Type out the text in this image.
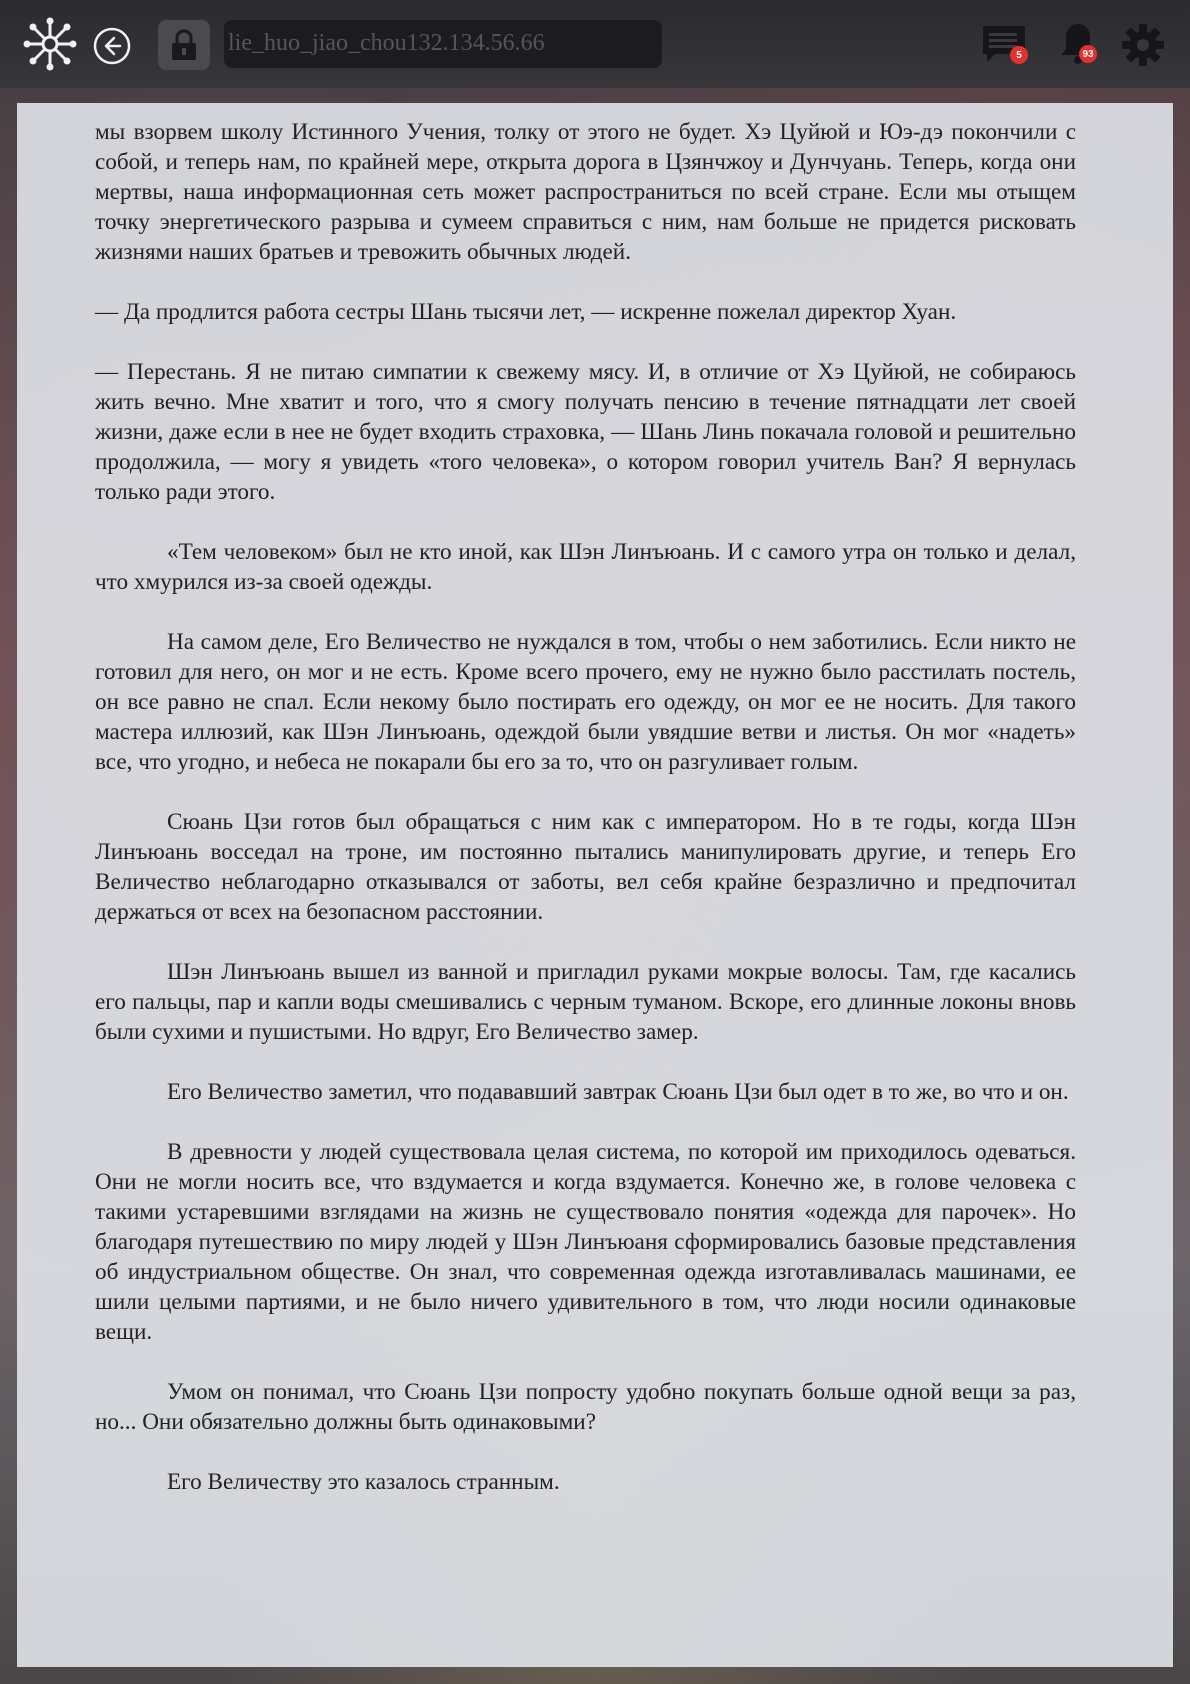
lie_huo_jiao_chou132.134.56.66	5	93

мы взорвем школу Истинного Учения, толку от этого не будет. Хэ Цуйюй и Юэ-дэ покончили с собой, и теперь нам, по крайней мере, открыта дорога в Цзянчжоу и Дунчуань. Теперь, когда они мертвы, наша информационная сеть может распространиться по всей стране. Если мы отыщем точку энергетического разрыва и сумеем справиться с ним, нам больше не придется рисковать жизнями наших братьев и тревожить обычных людей.

— Да продлится работа сестры Шань тысячи лет, — искренне пожелал директор Хуан.

— Перестань. Я не питаю симпатии к свежему мясу. И, в отличие от Хэ Цуйюй, не собираюсь жить вечно. Мне хватит и того, что я смогу получать пенсию в течение пятнадцати лет своей жизни, даже если в нее не будет входить страховка, — Шань Линь покачала головой и решительно продолжила, — могу я увидеть «того человека», о котором говорил учитель Ван? Я вернулась только ради этого.

«Тем человеком» был не кто иной, как Шэн Линъюань. И с самого утра он только и делал, что хмурился из-за своей одежды.

На самом деле, Его Величество не нуждался в том, чтобы о нем заботились. Если никто не готовил для него, он мог и не есть. Кроме всего прочего, ему не нужно было расстилать постель, он все равно не спал. Если некому было постирать его одежду, он мог ее не носить. Для такого мастера иллюзий, как Шэн Линъюань, одеждой были увядшие ветви и листья. Он мог «надеть» все, что угодно, и небеса не покарали бы его за то, что он разгуливает голым.

Сюань Цзи готов был обращаться с ним как с императором. Но в те годы, когда Шэн Линъюань восседал на троне, им постоянно пытались манипулировать другие, и теперь Его Величество неблагодарно отказывался от заботы, вел себя крайне безразлично и предпочитал держаться от всех на безопасном расстоянии.

Шэн Линъюань вышел из ванной и пригладил руками мокрые волосы. Там, где касались его пальцы, пар и капли воды смешивались с черным туманом. Вскоре, его длинные локоны вновь были сухими и пушистыми. Но вдруг, Его Величество замер.

Его Величество заметил, что подававший завтрак Сюань Цзи был одет в то же, во что и он.

В древности у людей существовала целая система, по которой им приходилось одеваться. Они не могли носить все, что вздумается и когда вздумается. Конечно же, в голове человека с такими устаревшими взглядами на жизнь не существовало понятия «одежда для парочек». Но благодаря путешествию по миру людей у Шэн Линъюаня сформировались базовые представления об индустриальном обществе. Он знал, что современная одежда изготавливалась машинами, ее шили целыми партиями, и не было ничего удивительного в том, что люди носили одинаковые вещи.

Умом он понимал, что Сюань Цзи попросту удобно покупать больше одной вещи за раз, но... Они обязательно должны быть одинаковыми?

Его Величеству это казалось странным.
